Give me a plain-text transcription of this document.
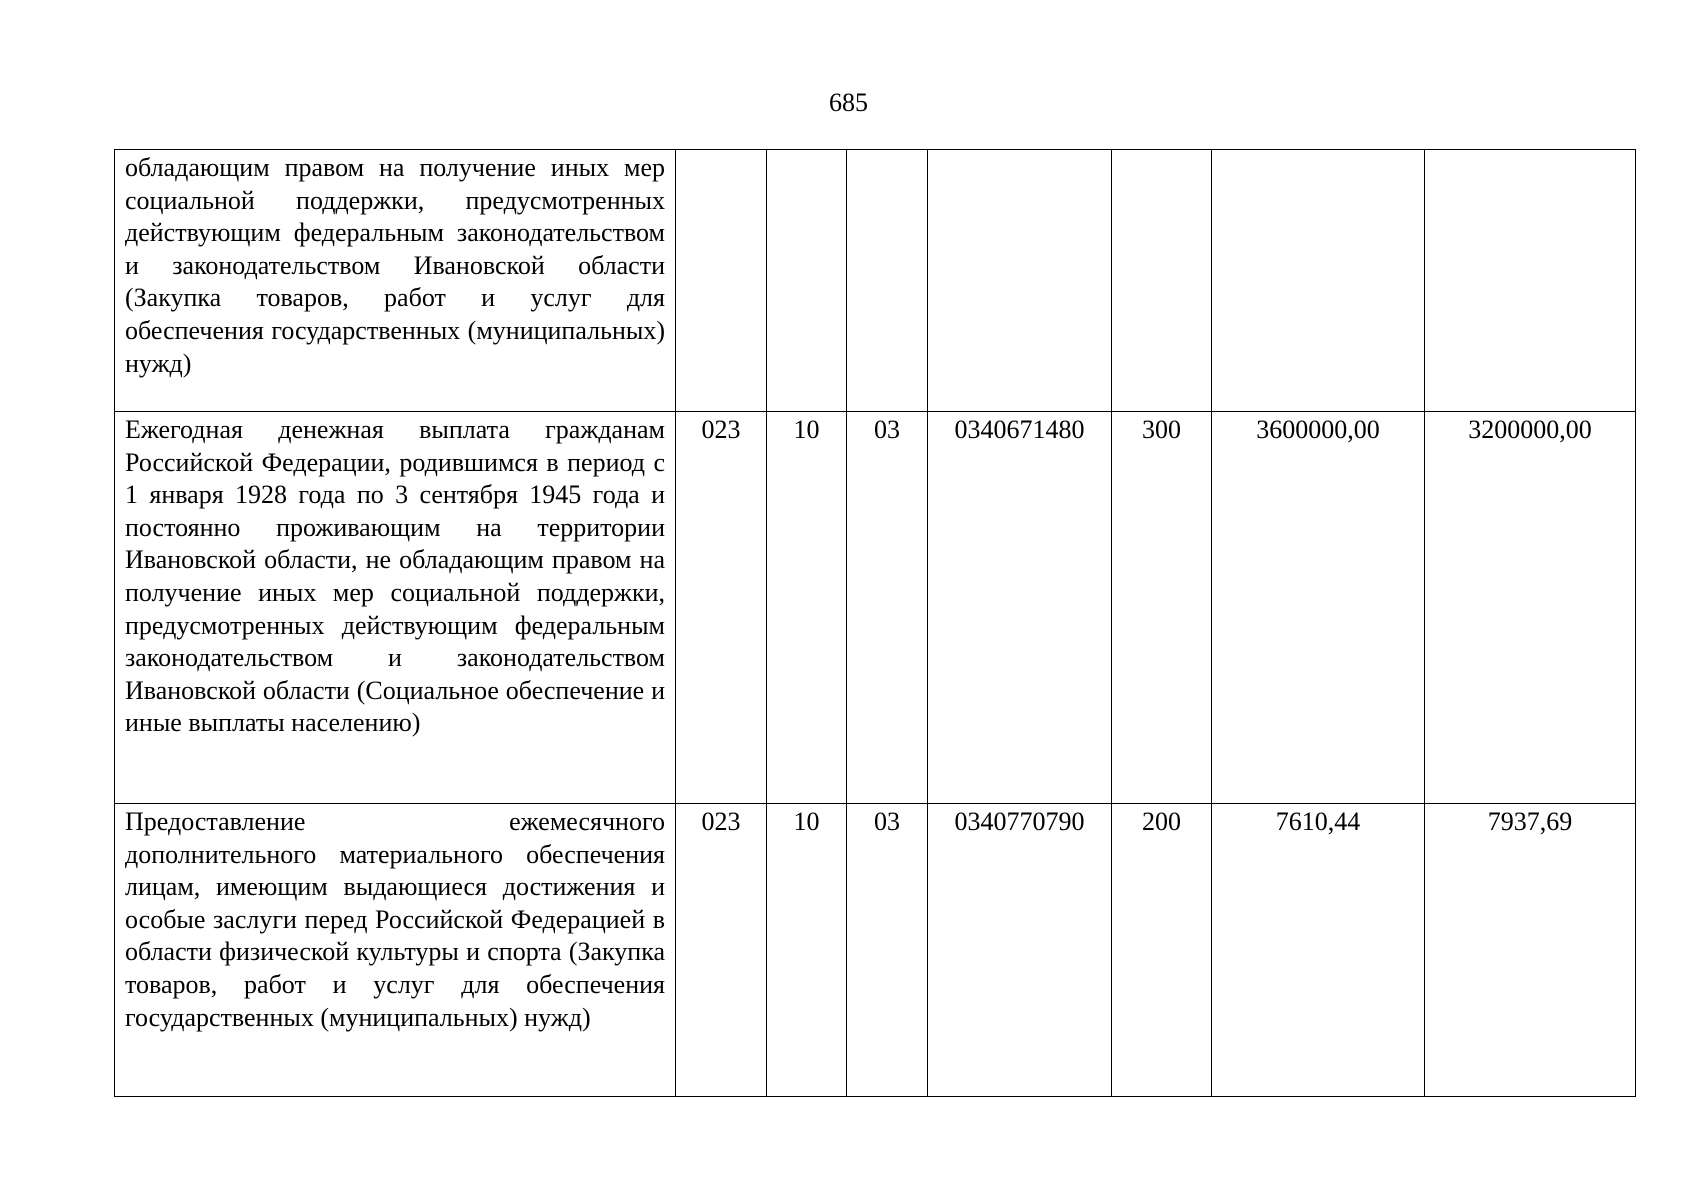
685
обладающим правом на получение иных мер социальной поддержки, предусмотренных действующим федеральным законодательством и законодательством Ивановской области (Закупка товаров, работ и услуг для обеспечения государственных (муниципальных) нужд)							

Ежегодная денежная выплата гражданам Российской Федерации, родившимся в период с 1 января 1928 года по 3 сентября 1945 года и постоянно проживающим на территории Ивановской области, не обладающим правом на получение иных мер социальной поддержки, предусмотренных действующим федеральным законодательством и законодательством Ивановской области (Социальное обеспечение и иные выплаты населению)	023	10	03	0340671480	300	3600000,00	3200000,00

Предоставление ежемесячного дополнительного материального обеспечения лицам, имеющим выдающиеся достижения и особые заслуги перед Российской Федерацией в области физической культуры и спорта (Закупка товаров, работ и услуг для обеспечения государственных (муниципальных) нужд)	023	10	03	0340770790	200	7610,44	7937,69
